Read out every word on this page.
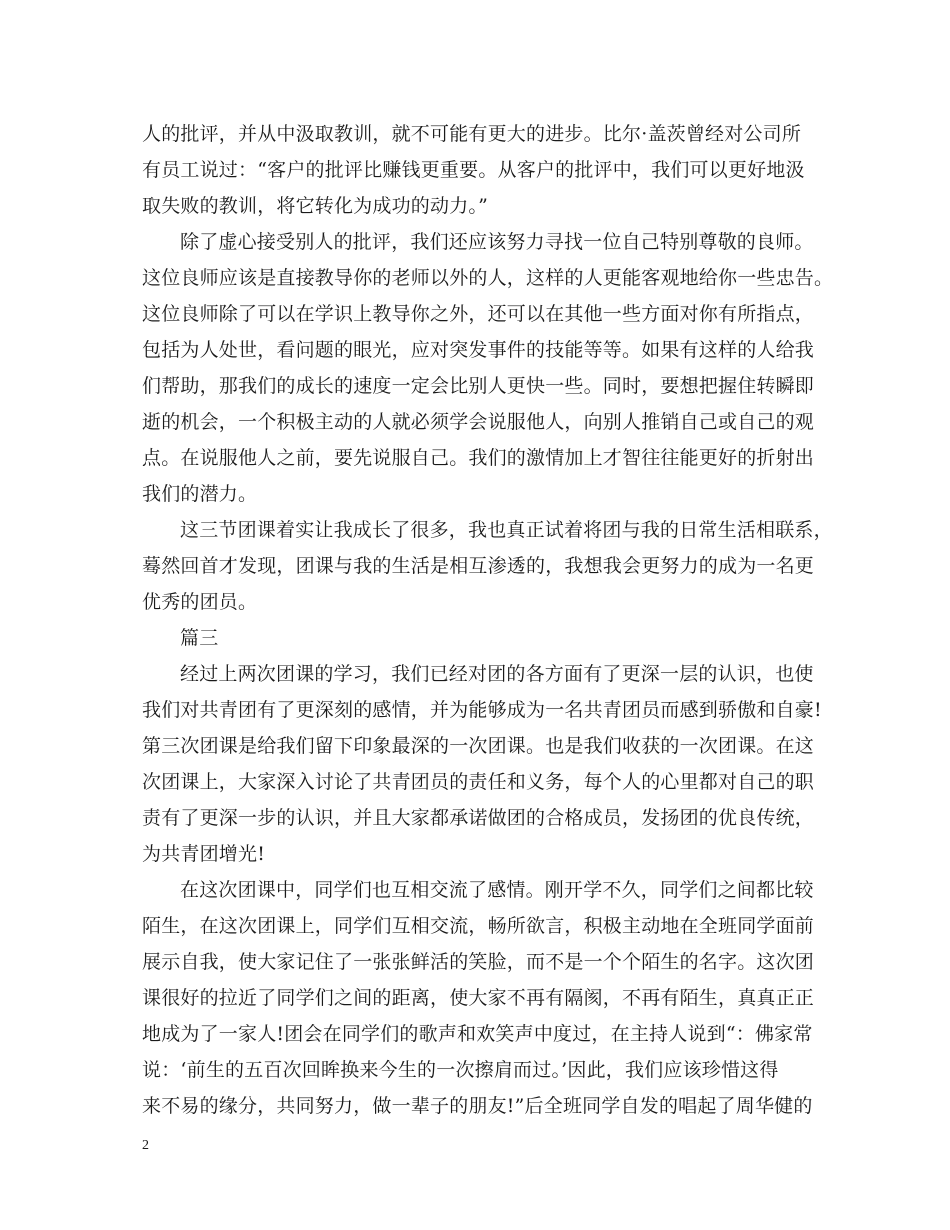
人的批评，并从中汲取教训，就不可能有更大的进步。比尔·盖茨曾经对公司所
有员工说过：“客户的批评比赚钱更重要。从客户的批评中，我们可以更好地汲
取失败的教训，将它转化为成功的动力。”
除了虚心接受别人的批评，我们还应该努力寻找一位自己特别尊敬的良师。
这位良师应该是直接教导你的老师以外的人，这样的人更能客观地给你一些忠告。
这位良师除了可以在学识上教导你之外，还可以在其他一些方面对你有所指点，
包括为人处世，看问题的眼光，应对突发事件的技能等等。如果有这样的人给我
们帮助，那我们的成长的速度一定会比别人更快一些。同时，要想把握住转瞬即
逝的机会，一个积极主动的人就必须学会说服他人，向别人推销自己或自己的观
点。在说服他人之前，要先说服自己。我们的激情加上才智往往能更好的折射出
我们的潜力。
这三节团课着实让我成长了很多，我也真正试着将团与我的日常生活相联系，
蓦然回首才发现，团课与我的生活是相互渗透的，我想我会更努力的成为一名更
优秀的团员。
篇三
经过上两次团课的学习，我们已经对团的各方面有了更深一层的认识，也使
我们对共青团有了更深刻的感情，并为能够成为一名共青团员而感到骄傲和自豪!
第三次团课是给我们留下印象最深的一次团课。也是我们收获的一次团课。在这
次团课上，大家深入讨论了共青团员的责任和义务，每个人的心里都对自己的职
责有了更深一步的认识，并且大家都承诺做团的合格成员，发扬团的优良传统，
为共青团增光!
在这次团课中，同学们也互相交流了感情。刚开学不久，同学们之间都比较
陌生，在这次团课上，同学们互相交流，畅所欲言，积极主动地在全班同学面前
展示自我，使大家记住了一张张鲜活的笑脸，而不是一个个陌生的名字。这次团
课很好的拉近了同学们之间的距离，使大家不再有隔阂，不再有陌生，真真正正
地成为了一家人!团会在同学们的歌声和欢笑声中度过，在主持人说到“：佛家常
说：‘前生的五百次回眸换来今生的一次擦肩而过。’因此，我们应该珍惜这得
来不易的缘分，共同努力，做一辈子的朋友!”后全班同学自发的唱起了周华健的
2
